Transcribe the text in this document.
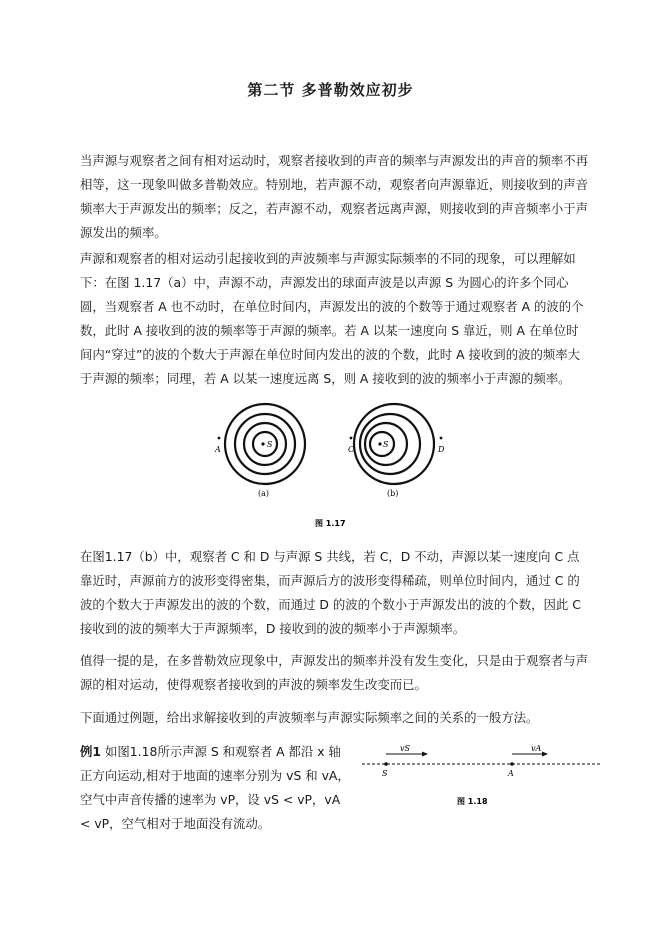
第二节 多普勒效应初步

当声源与观察者之间有相对运动时，观察者接收到的声音的频率与声源发出的声音的频率不再相等，这一现象叫做多普勒效应。特别地，若声源不动，观察者向声源靠近，则接收到的声音频率大于声源发出的频率；反之，若声源不动，观察者远离声源，则接收到的声音频率小于声源发出的频率。

声源和观察者的相对运动引起接收到的声波频率与声源实际频率的不同的现象，可以理解如下：在图 1.17（a）中，声源不动，声源发出的球面声波是以声源 S 为圆心的许多个同心圆，当观察者 A 也不动时，在单位时间内，声源发出的波的个数等于通过观察者 A 的波的个数，此时 A 接收到的波的频率等于声源的频率。若 A 以某一速度向 S 靠近，则 A 在单位时间内“穿过”的波的个数大于声源在单位时间内发出的波的个数，此时 A 接收到的波的频率大于声源的频率；同理，若 A 以某一速度远离 S，则 A 接收到的波的频率小于声源的频率。

S
A
(a)
S
C	D
(b)
图 1.17

在图1.17（b）中，观察者 C 和 D 与声源 S 共线，若 C，D 不动，声源以某一速度向 C 点靠近时，声源前方的波形变得密集，而声源后方的波形变得稀疏，则单位时间内，通过 C 的波的个数大于声源发出的波的个数，而通过 D 的波的个数小于声源发出的波的个数，因此 C 接收到的波的频率大于声源频率，D 接收到的波的频率小于声源频率。

值得一提的是，在多普勒效应现象中，声源发出的频率并没有发生变化，只是由于观察者与声源的相对运动，使得观察者接收到的声波的频率发生改变而已。

下面通过例题，给出求解接收到的声波频率与声源实际频率之间的关系的一般方法。

例1 如图1.18所示声源 S 和观察者 A 都沿 x 轴正方向运动,相对于地面的速率分别为 vS 和 vA，空气中声音传播的速率为 vP，设 vS < vP，vA < vP，空气相对于地面没有流动。

vS
S
vA
A
图 1.18
